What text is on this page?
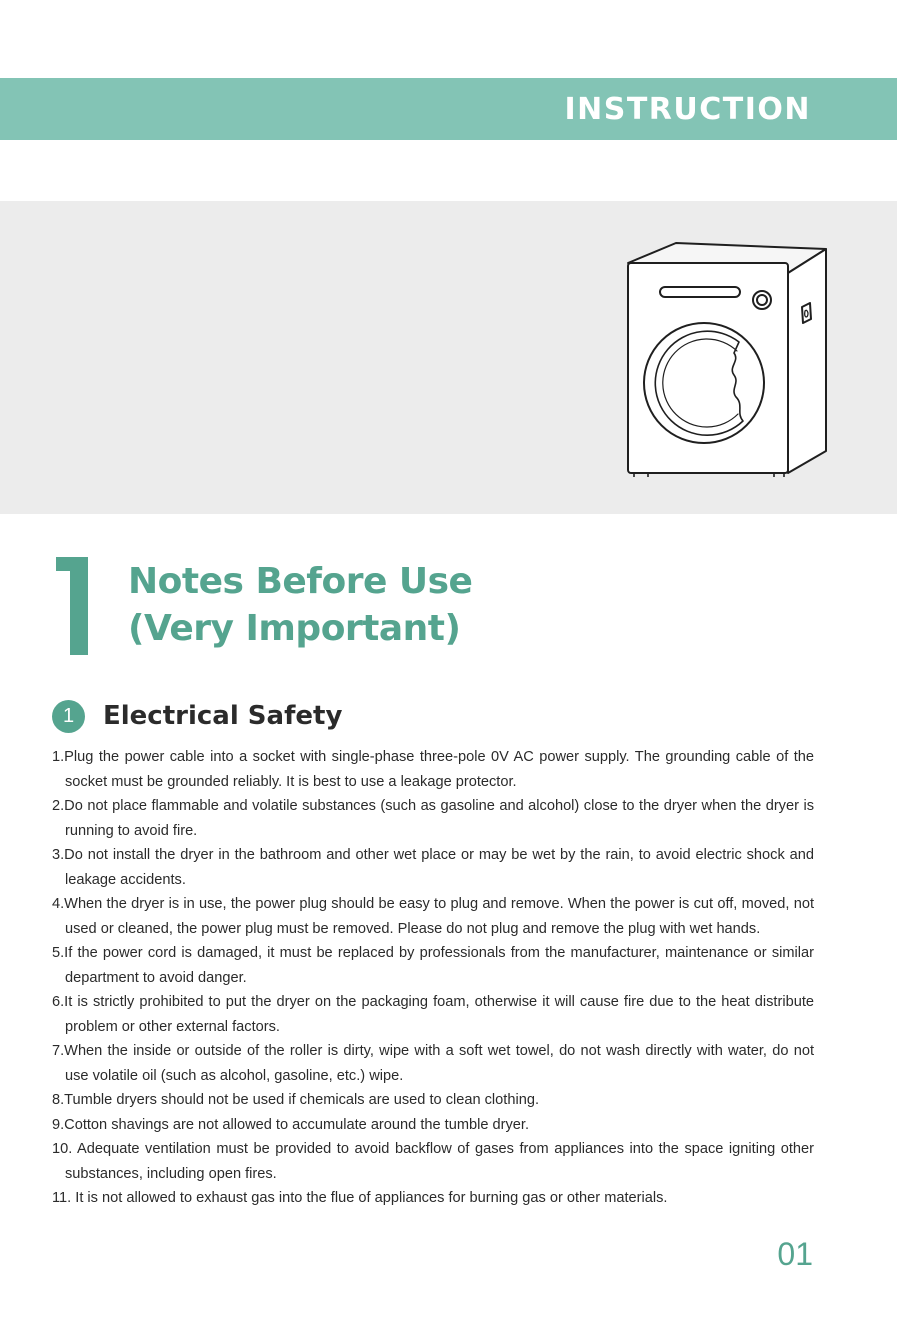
INSTRUCTION
Notes Before Use
(Very Important)
1	Electrical Safety
1.Plug the power cable into a socket with single-phase three-pole 0V AC power supply. The grounding cable of the socket must be grounded reliably. It is best to use a leakage protector.
2.Do not place flammable and volatile substances (such as gasoline and alcohol) close to the dryer when the dryer is running to avoid fire.
3.Do not install the dryer in the bathroom and other wet place or may be wet by the rain, to avoid electric shock and leakage accidents.
4.When the dryer is in use, the power plug should be easy to plug and remove. When the power is cut off, moved, not used or cleaned, the power plug must be removed. Please do not plug and remove the plug with wet hands.
5.If the power cord is damaged, it must be replaced by professionals from the manufacturer, maintenance or similar department to avoid danger.
6.It is strictly prohibited to put the dryer on the packaging foam, otherwise it will cause fire due to the heat distribute problem or other external factors.
7.When the inside or outside of the roller is dirty, wipe with a soft wet towel, do not wash directly with water, do not use volatile oil (such as alcohol, gasoline, etc.) wipe.
8.Tumble dryers should not be used if chemicals are used to clean clothing.
9.Cotton shavings are not allowed to accumulate around the tumble dryer.
10. Adequate ventilation must be provided to avoid backflow of gases from appliances into the space igniting other substances, including open fires.
11. It is not allowed to exhaust gas into the flue of appliances for burning gas or other materials.
01
